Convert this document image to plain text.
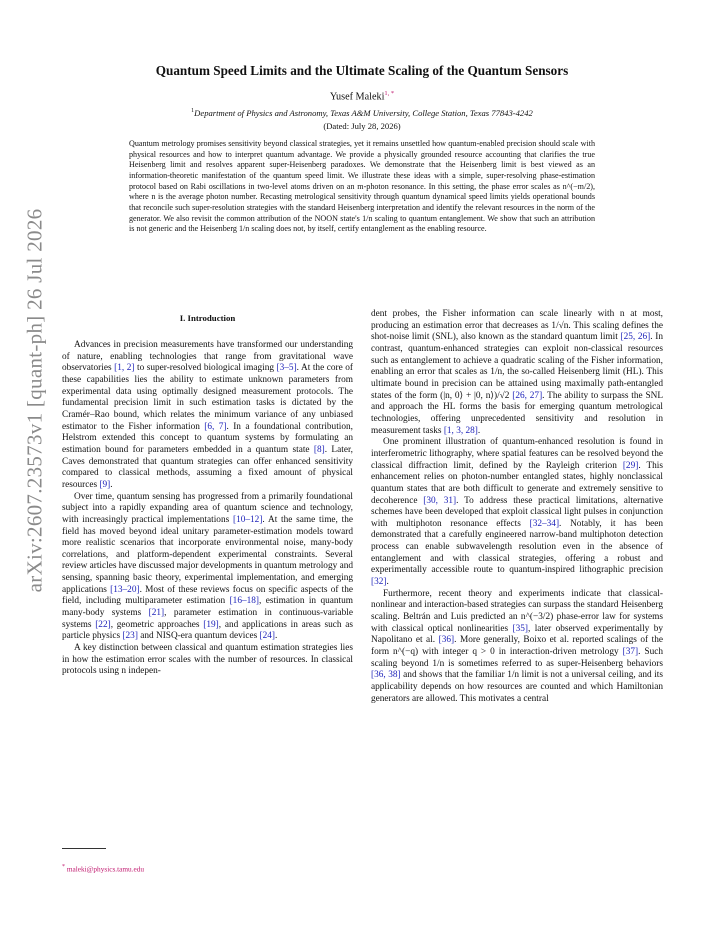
arXiv:2607.23573v1 [quant-ph] 26 Jul 2026
Quantum Speed Limits and the Ultimate Scaling of the Quantum Sensors
Yusef Maleki$^{1, *}$
$^1$Department of Physics and Astronomy, Texas A&M University, College Station, Texas 77843-4242
(Dated: July 28, 2026)
Quantum metrology promises sensitivity beyond classical strategies, yet it remains unsettled how quantum-enabled precision should scale with physical resources and how to interpret quantum advantage. We provide a physically grounded resource accounting that clarifies the true Heisenberg limit and resolves apparent super-Heisenberg paradoxes. We demonstrate that the Heisenberg limit is best viewed as an information-theoretic manifestation of the quantum speed limit. We illustrate these ideas with a simple, super-resolving phase-estimation protocol based on Rabi oscillations in two-level atoms driven on an m-photon resonance. In this setting, the phase error scales as n^(−m/2), where n is the average photon number. Recasting metrological sensitivity through quantum dynamical speed limits yields operational bounds that reconcile such super-resolution strategies with the standard Heisenberg interpretation and identify the relevant resources in the norm of the generator. We also revisit the common attribution of the NOON state's 1/n scaling to quantum entanglement. We show that such an attribution is not generic and the Heisenberg 1/n scaling does not, by itself, certify entanglement as the enabling resource.
I. Introduction

Advances in precision measurements have transformed our understanding of nature, enabling technologies that range from gravitational wave observatories [1, 2] to super-resolved biological imaging [3–5]. At the core of these capabilities lies the ability to estimate unknown parameters from experimental data using optimally designed measurement protocols. The fundamental precision limit in such estimation tasks is dictated by the Cramér–Rao bound, which relates the minimum variance of any unbiased estimator to the Fisher information [6, 7]. In a foundational contribution, Helstrom extended this concept to quantum systems by formulating an estimation bound for parameters embedded in a quantum state [8]. Later, Caves demonstrated that quantum strategies can offer enhanced sensitivity compared to classical methods, assuming a fixed amount of physical resources [9].

Over time, quantum sensing has progressed from a primarily foundational subject into a rapidly expanding area of quantum science and technology, with increasingly practical implementations [10–12]. At the same time, the field has moved beyond ideal unitary parameter-estimation models toward more realistic scenarios that incorporate environmental noise, many-body correlations, and platform-dependent experimental constraints. Several review articles have discussed major developments in quantum metrology and sensing, spanning basic theory, experimental implementation, and emerging applications [13–20]. Most of these reviews focus on specific aspects of the field, including multiparameter estimation [16–18], estimation in quantum many-body systems [21], parameter estimation in continuous-variable systems [22], geometric approaches [19], and applications in areas such as particle physics [23] and NISQ-era quantum devices [24].

A key distinction between classical and quantum estimation strategies lies in how the estimation error scales with the number of resources. In classical protocols using n indepen-

dent probes, the Fisher information can scale linearly with n at most, producing an estimation error that decreases as 1/√n. This scaling defines the shot-noise limit (SNL), also known as the standard quantum limit [25, 26]. In contrast, quantum-enhanced strategies can exploit non-classical resources such as entanglement to achieve a quadratic scaling of the Fisher information, enabling an error that scales as 1/n, the so-called Heisenberg limit (HL). This ultimate bound in precision can be attained using maximally path-entangled states of the form (|n, 0⟩ + |0, n⟩)/√2 [26, 27]. The ability to surpass the SNL and approach the HL forms the basis for emerging quantum metrological technologies, offering unprecedented sensitivity and resolution in measurement tasks [1, 3, 28].

One prominent illustration of quantum-enhanced resolution is found in interferometric lithography, where spatial features can be resolved beyond the classical diffraction limit, defined by the Rayleigh criterion [29]. This enhancement relies on photon-number entangled states, highly nonclassical quantum states that are both difficult to generate and extremely sensitive to decoherence [30, 31]. To address these practical limitations, alternative schemes have been developed that exploit classical light pulses in conjunction with multiphoton resonance effects [32–34]. Notably, it has been demonstrated that a carefully engineered narrow-band multiphoton detection process can enable subwavelength resolution even in the absence of entanglement and with classical strategies, offering a robust and experimentally accessible route to quantum-inspired lithographic precision [32].

Furthermore, recent theory and experiments indicate that classical-nonlinear and interaction-based strategies can surpass the standard Heisenberg scaling. Beltrán and Luis predicted an n^(−3/2) phase-error law for systems with classical optical nonlinearities [35], later observed experimentally by Napolitano et al. [36]. More generally, Boixo et al. reported scalings of the form n^(−q) with integer q > 0 in interaction-driven metrology [37]. Such scaling beyond 1/n is sometimes referred to as super-Heisenberg behaviors [36, 38] and shows that the familiar 1/n limit is not a universal ceiling, and its applicability depends on how resources are counted and which Hamiltonian generators are allowed. This motivates a central

* maleki@physics.tamu.edu
